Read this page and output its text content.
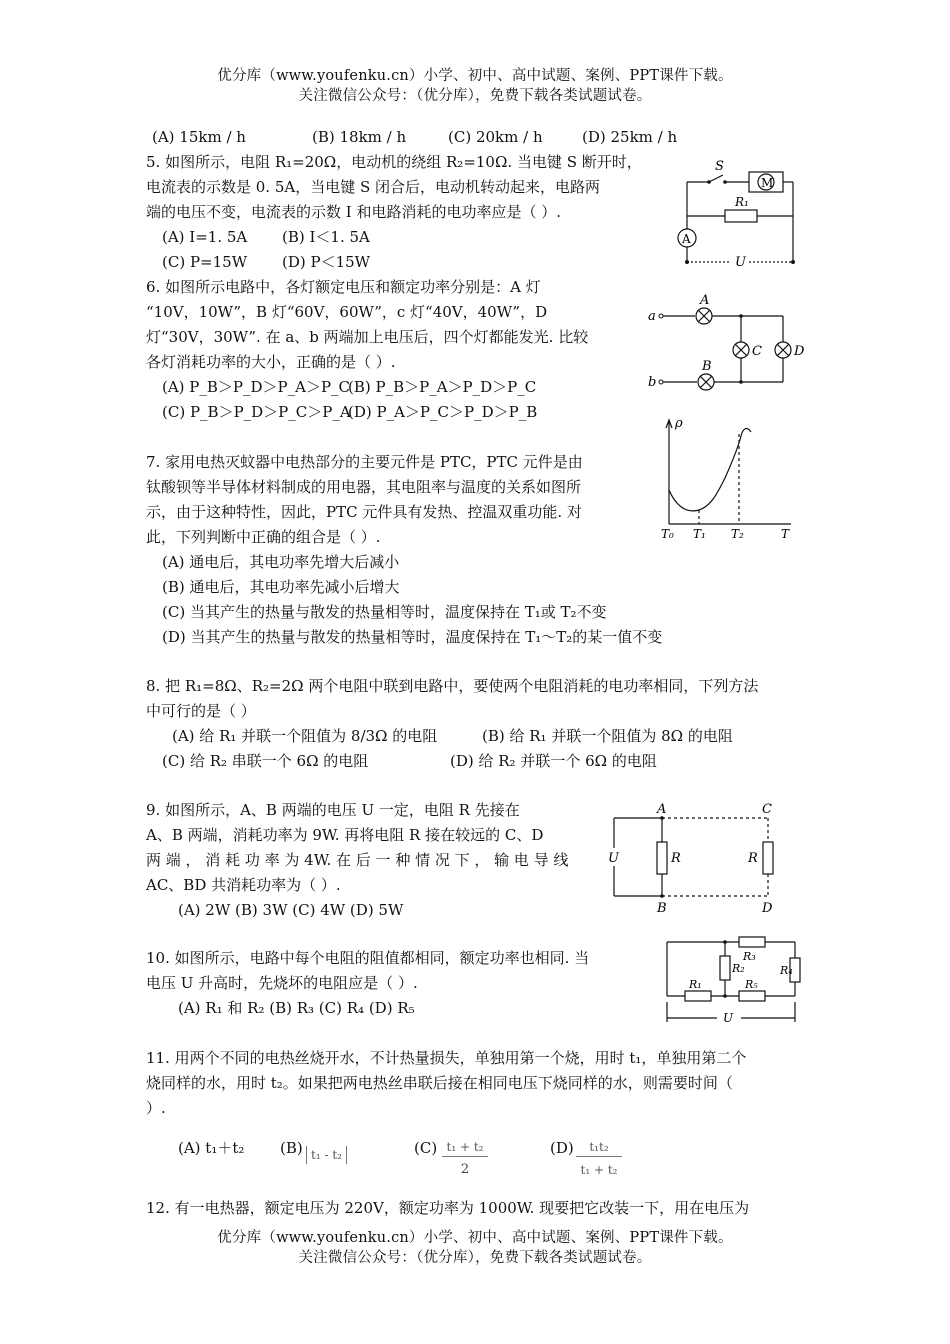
优分库（www.youfenku.cn）小学、初中、高中试题、案例、PPT课件下载。
关注微信公众号：（优分库），免费下载各类试题试卷。
(A) 15km / h	(B) 18km / h	(C) 20km / h	(D) 25km / h
5. 如图所示，电阻 R₁=20Ω，电动机的绕组 R₂=10Ω. 当电键 S 断开时，
电流表的示数是 0. 5A，当电键 S 闭合后，电动机转动起来，电路两
端的电压不变，电流表的示数 I 和电路消耗的电功率应是（ ）.
(A) I=1. 5A (B) I＜1. 5A
(C) P=15W (D) P＜15W
S
M
R₁
A
U
6. 如图所示电路中，各灯额定电压和额定功率分别是：A 灯
“10V，10W”，B 灯“60V，60W”，c 灯“40V，40W”，D
灯“30V，30W”. 在 a、b 两端加上电压后，四个灯都能发光. 比较
各灯消耗功率的大小，正确的是（ ）.
(A) P_B＞P_D＞P_A＞P_C
(B) P_B＞P_A＞P_D＞P_C
(C) P_B＞P_D＞P_C＞P_A
(D) P_A＞P_C＞P_D＞P_B
a
b
A
B
C D
7. 家用电热灭蚊器中电热部分的主要元件是 PTC，PTC 元件是由
钛酸钡等半导体材料制成的用电器，其电阻率与温度的关系如图所
示，由于这种特性，因此，PTC 元件具有发热、控温双重功能. 对
此，下列判断中正确的组合是（ ）.
(A) 通电后，其电功率先增大后减小
(B) 通电后，其电功率先减小后增大
(C) 当其产生的热量与散发的热量相等时，温度保持在 T₁或 T₂不变
(D) 当其产生的热量与散发的热量相等时，温度保持在 T₁～T₂的某一值不变
ρ
T₀ T₁ T₂	T
8. 把 R₁=8Ω、R₂=2Ω 两个电阻中联到电路中，要使两个电阻消耗的电功率相同，下列方法
中可行的是（ ）
(A) 给 R₁ 并联一个阻值为 8/3Ω 的电阻	(B) 给 R₁ 并联一个阻值为 8Ω 的电阻
(C) 给 R₂ 串联一个 6Ω 的电阻	(D) 给 R₂ 并联一个 6Ω 的电阻
9. 如图所示，A、B 两端的电压 U 一定，电阻 R 先接在
A、B 两端，消耗功率为 9W. 再将电阻 R 接在较远的 C、D
两 端 ， 消 耗 功 率 为 4W. 在 后 一 种 情 况 下 ， 输 电 导 线
AC、BD 共消耗功率为（ ）.
(A) 2W (B) 3W (C) 4W (D) 5W
A
B
C
D
U	R	R
10. 如图所示，电路中每个电阻的阻值都相同，额定功率也相同. 当
电压 U 升高时，先烧坏的电阻应是（ ）.
(A) R₁ 和 R₂ (B) R₃ (C) R₄ (D) R₅
R₃
R₂	R₄
R₁	R₅
U
11. 用两个不同的电热丝烧开水，不计热量损失，单独用第一个烧，用时 t₁，单独用第二个
烧同样的水，用时 t₂。如果把两电热丝串联后接在相同电压下烧同样的水，则需要时间（
）.
(A) t₁＋t₂ (B) t₁ - t₂	(C) t₁ + t₂
2
(D)	t₁t₂
t₁ + t₂
12. 有一电热器，额定电压为 220V，额定功率为 1000W. 现要把它改装一下，用在电压为
优分库（www.youfenku.cn）小学、初中、高中试题、案例、PPT课件下载。
关注微信公众号：（优分库），免费下载各类试题试卷。
